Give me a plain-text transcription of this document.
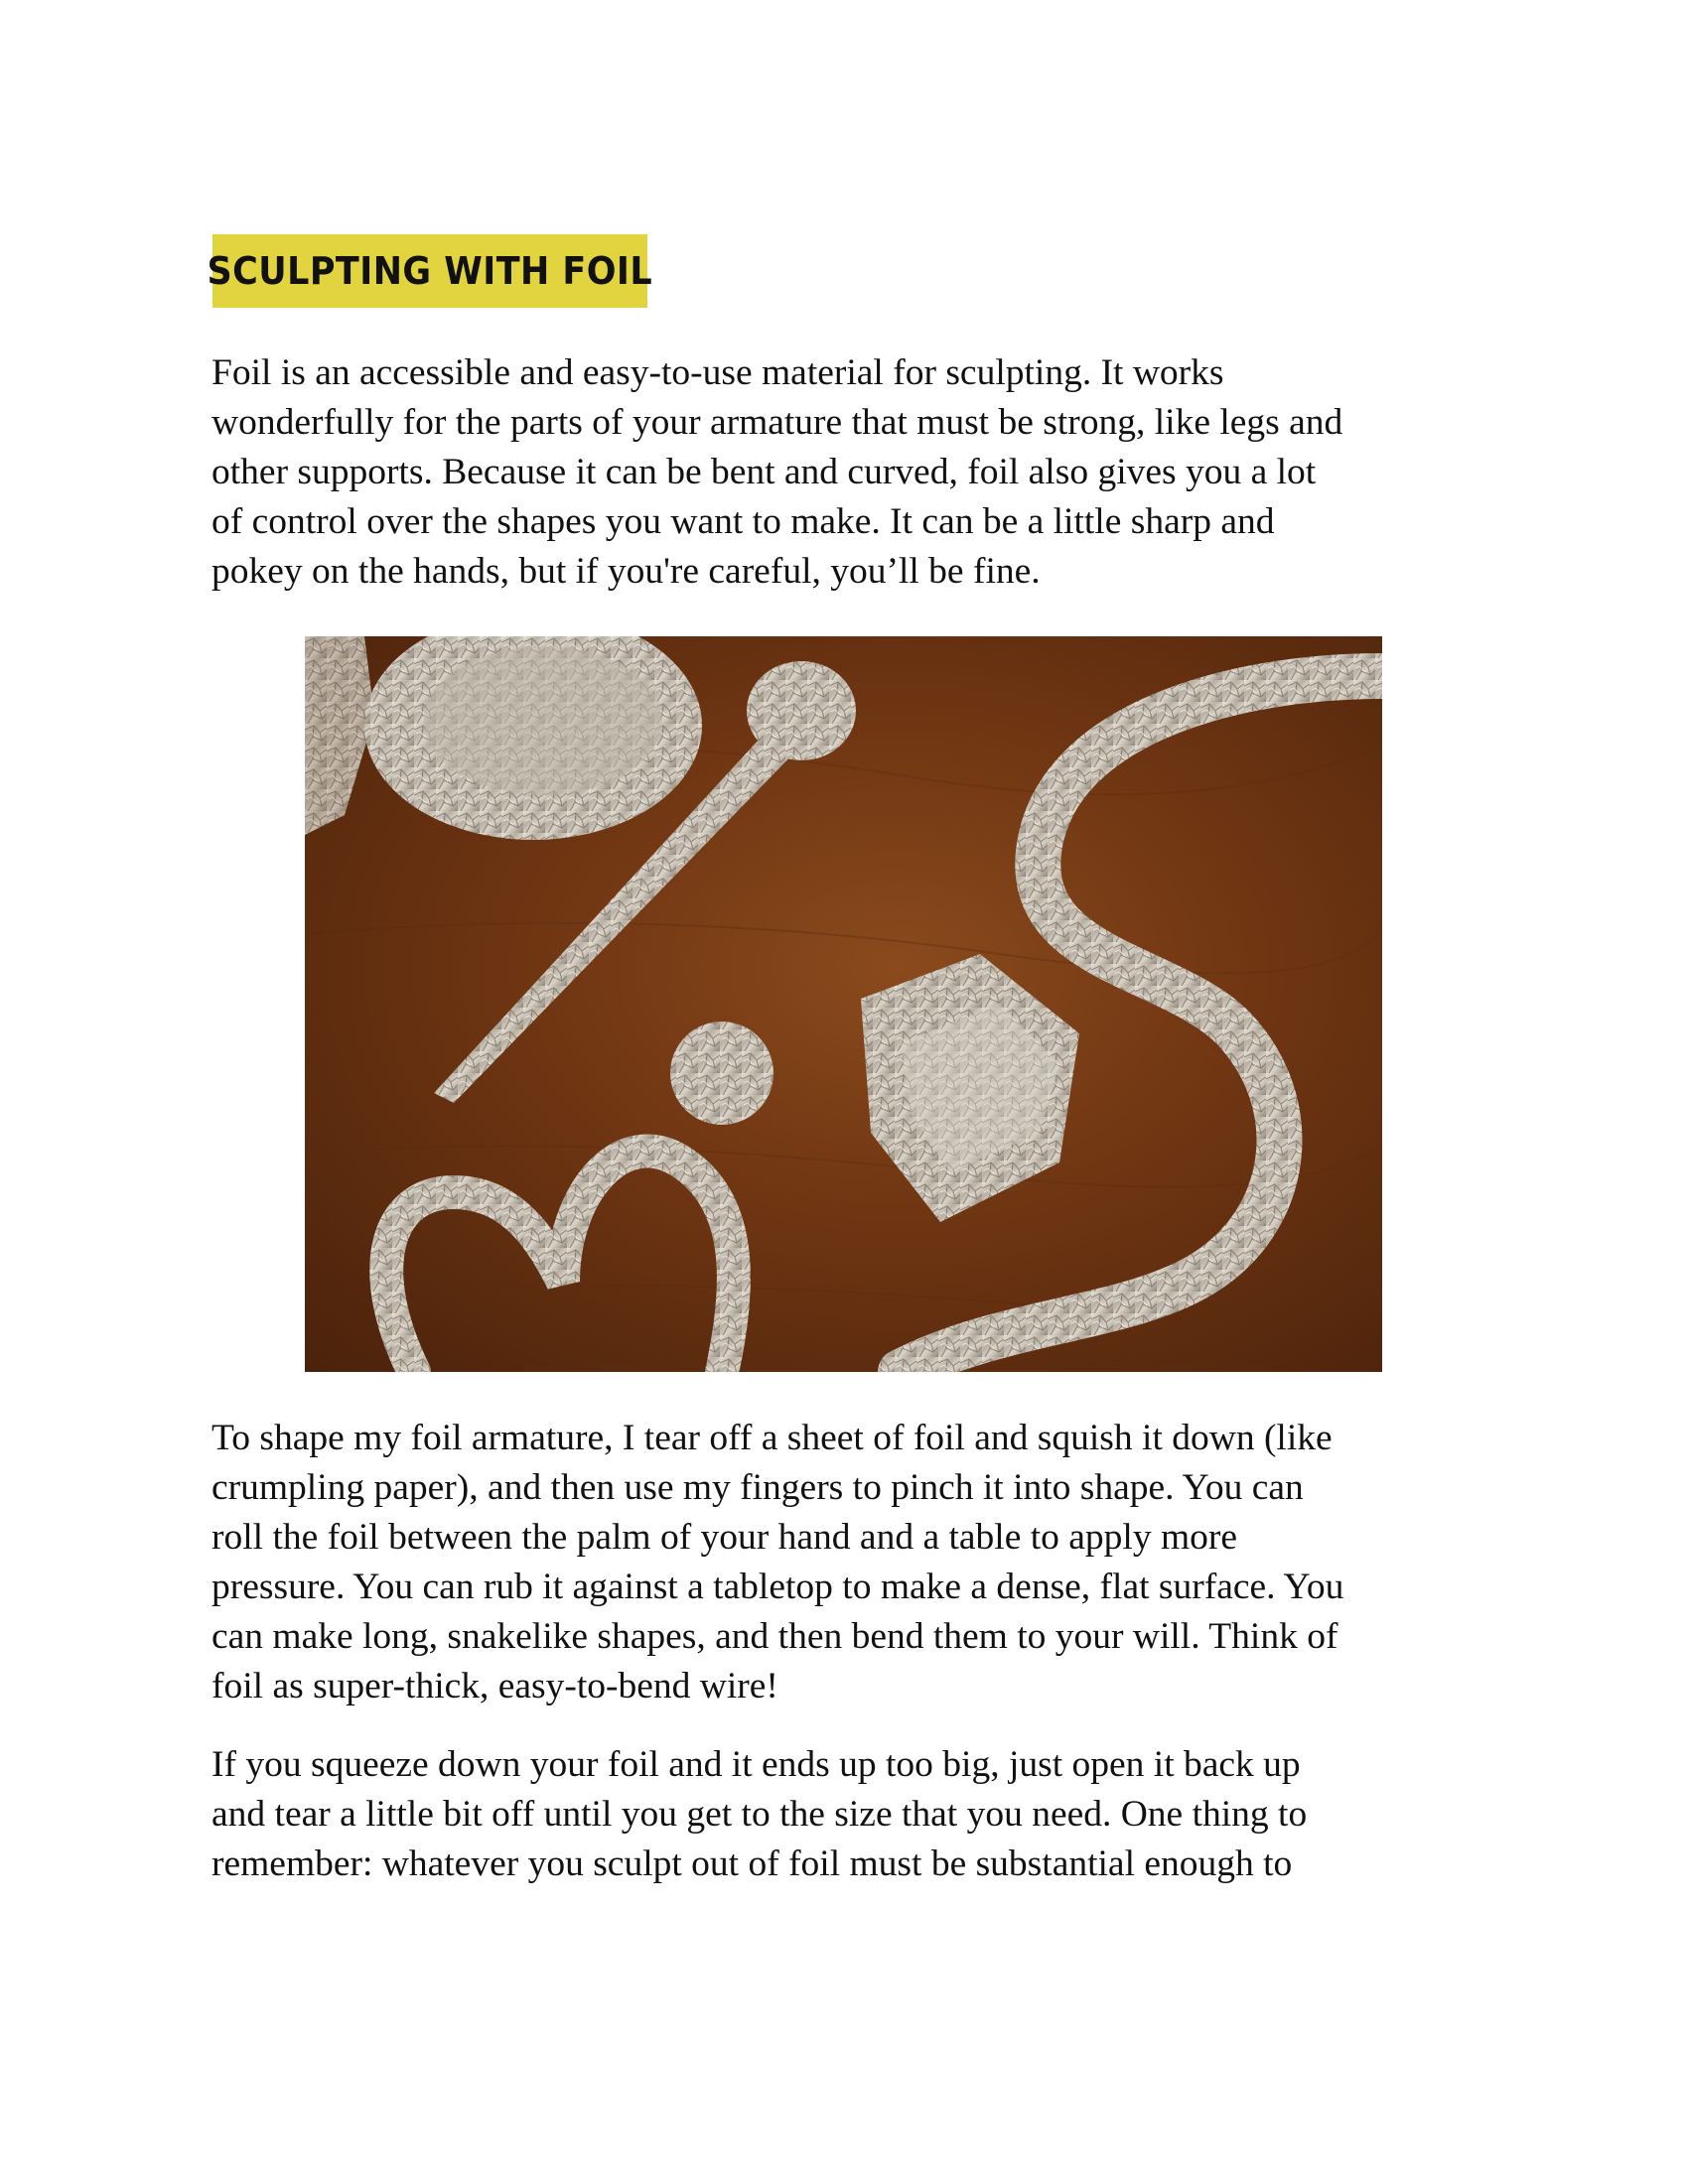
SCULPTING WITH FOIL

Foil is an accessible and easy-to-use material for sculpting. It works
wonderfully for the parts of your armature that must be strong, like legs and
other supports. Because it can be bent and curved, foil also gives you a lot
of control over the shapes you want to make. It can be a little sharp and
pokey on the hands, but if you're careful, you’ll be fine.

To shape my foil armature, I tear off a sheet of foil and squish it down (like
crumpling paper), and then use my fingers to pinch it into shape. You can
roll the foil between the palm of your hand and a table to apply more
pressure. You can rub it against a tabletop to make a dense, flat surface. You
can make long, snakelike shapes, and then bend them to your will. Think of
foil as super-thick, easy-to-bend wire!

If you squeeze down your foil and it ends up too big, just open it back up
and tear a little bit off until you get to the size that you need. One thing to
remember: whatever you sculpt out of foil must be substantial enough to
